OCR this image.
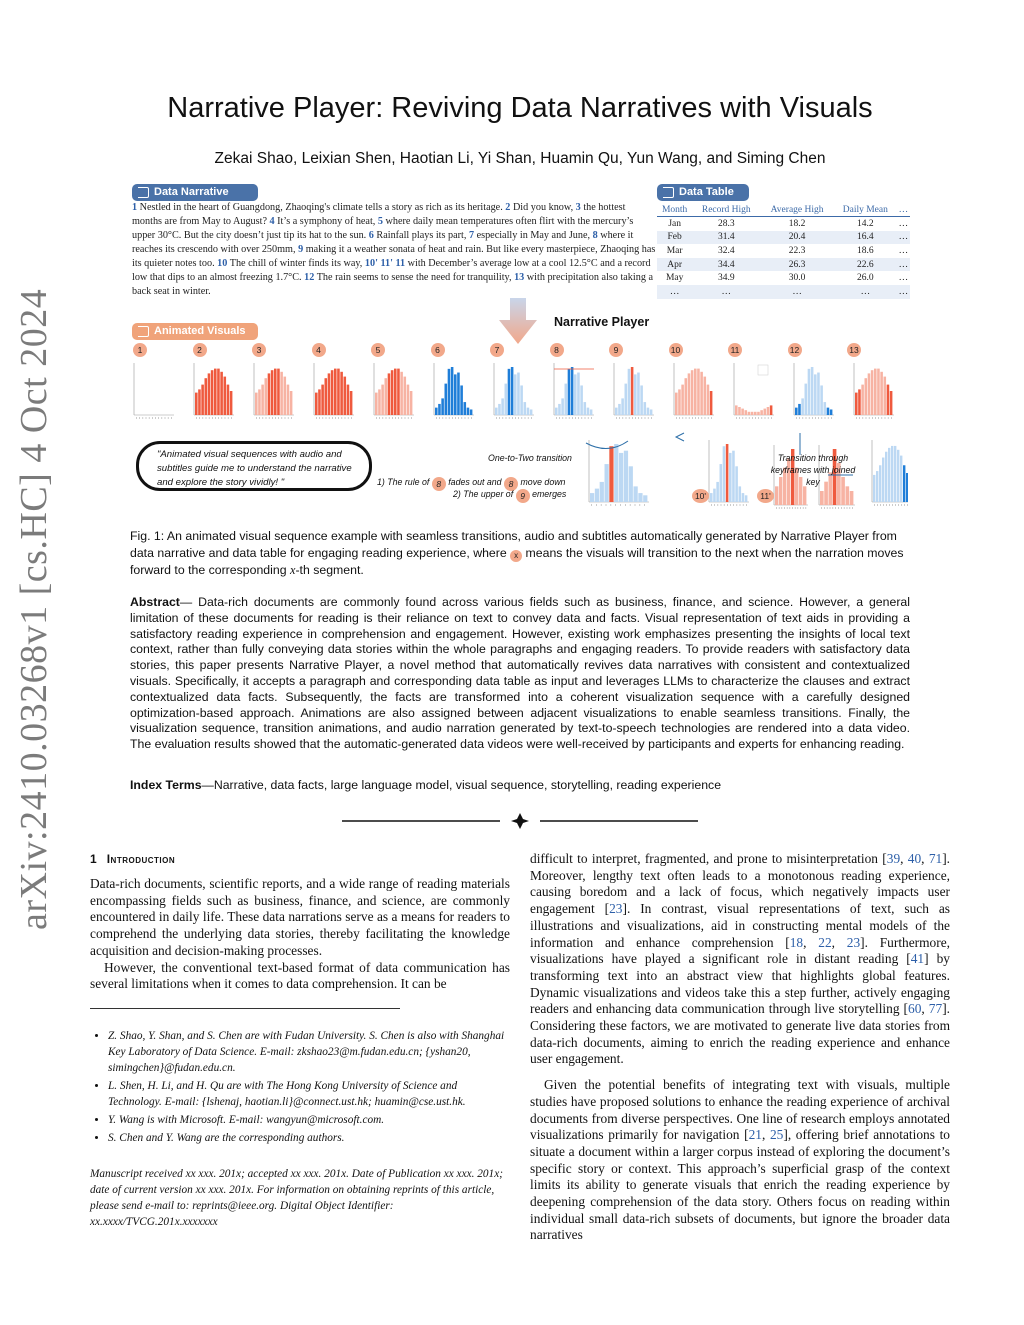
arXiv:2410.03268v1 [cs.HC] 4 Oct 2024
Narrative Player: Reviving Data Narratives with Visuals
Zekai Shao, Leixian Shen, Haotian Li, Yi Shan, Huamin Qu, Yun Wang, and Siming Chen
Data Narrative	Data Table
1 Nestled in the heart of Guangdong, Zhaoqing's climate tells a story as rich as its heritage. 2 Did you know, 3 the hottest months are from May to August? 4 It’s a symphony of heat, 5 where daily mean temperatures often flirt with the mercury’s upper 30°C. But the city doesn’t just tip its hat to the sun. 6 Rainfall plays its part, 7 especially in May and June, 8 where it reaches its crescendo with over 250mm, 9 making it a weather sonata of heat and rain. But like every masterpiece, Zhaoqing has its quieter notes too. 10 The chill of winter finds its way, 10' 11' 11 with December’s average low at a cool 12.5°C and a record low that dips to an almost freezing 1.7°C. 12 The rain seems to sense the need for tranquility, 13 with precipitation also taking a back seat in winter.
Month	Record High	Average High	Daily Mean	…
Jan	28.3	18.2	14.2	…
Feb	31.4	20.4	16.4	…
Mar	32.4	22.3	18.6	…
Apr	34.4	26.3	22.6	…
May	34.9	30.0	26.0	…
…	…	…	…	…
Narrative Player
Animated Visuals
1	2	3	4	5	6	7	8	9	10	11	12	13
"Animated visual sequences with audio and subtitles guide me to understand the narrative and explore the story vividly! "
One-to-Two transition
1) The rule of 8 fades out and 8 move down
2) The upper of 9 emerges
Transition through keyframes with joined key
10'	11'
Fig. 1: An animated visual sequence example with seamless transitions, audio and subtitles automatically generated by Narrative Player from data narrative and data table for engaging reading experience, where x means the visuals will transition to the next when the narration moves forward to the corresponding x-th segment.
Abstract— Data-rich documents are commonly found across various fields such as business, finance, and science. However, a general limitation of these documents for reading is their reliance on text to convey data and facts. Visual representation of text aids in providing a satisfactory reading experience in comprehension and engagement. However, existing work emphasizes presenting the insights of local text context, rather than fully conveying data stories within the whole paragraphs and engaging readers. To provide readers with satisfactory data stories, this paper presents Narrative Player, a novel method that automatically revives data narratives with consistent and contextualized visuals. Specifically, it accepts a paragraph and corresponding data table as input and leverages LLMs to characterize the clauses and extract contextualized data facts. Subsequently, the facts are transformed into a coherent visualization sequence with a carefully designed optimization-based approach. Animations are also assigned between adjacent visualizations to enable seamless transitions. Finally, the visualization sequence, transition animations, and audio narration generated by text-to-speech technologies are rendered into a data video. The evaluation results showed that the automatic-generated data videos were well-received by participants and experts for enhancing reading.
Index Terms—Narrative, data facts, large language model, visual sequence, storytelling, reading experience
1 Introduction

Data-rich documents, scientific reports, and a wide range of reading materials encompassing fields such as business, finance, and science, are commonly encountered in daily life. These data narrations serve as a means for readers to comprehend the underlying data stories, thereby facilitating the knowledge acquisition and decision-making processes.

However, the conventional text-based format of data communication has several limitations when it comes to data comprehension. It can be

• Z. Shao, Y. Shan, and S. Chen are with Fudan University. S. Chen is also with Shanghai Key Laboratory of Data Science. E-mail: zkshao23@m.fudan.edu.cn; {yshan20, simingchen}@fudan.edu.cn.
• L. Shen, H. Li, and H. Qu are with The Hong Kong University of Science and Technology. E-mail: {lshenaj, haotian.li}@connect.ust.hk; huamin@cse.ust.hk.
• Y. Wang is with Microsoft. E-mail: wangyun@microsoft.com.
• S. Chen and Y. Wang are the corresponding authors.
Manuscript received xx xxx. 201x; accepted xx xxx. 201x. Date of Publication xx xxx. 201x; date of current version xx xxx. 201x. For information on obtaining reprints of this article, please send e-mail to: reprints@ieee.org. Digital Object Identifier: xx.xxxx/TVCG.201x.xxxxxxx

difficult to interpret, fragmented, and prone to misinterpretation [39, 40, 71]. Moreover, lengthy text often leads to a monotonous reading experience, causing boredom and a lack of focus, which negatively impacts user engagement [23]. In contrast, visual representations of text, such as illustrations and visualizations, aid in constructing mental models of the information and enhance comprehension [18, 22, 23]. Furthermore, visualizations have played a significant role in distant reading [41] by transforming text into an abstract view that highlights global features. Dynamic visualizations and videos take this a step further, actively engaging readers and enhancing data communication through live storytelling [60, 77]. Considering these factors, we are motivated to generate live data stories from data-rich documents, aiming to enrich the reading experience and enhance user engagement.

Given the potential benefits of integrating text with visuals, multiple studies have proposed solutions to enhance the reading experience of archival documents from diverse perspectives. One line of research employs annotated visualizations primarily for navigation [21, 25], offering brief annotations to situate a document within a larger corpus instead of exploring the document’s specific story or context. This approach’s superficial grasp of the context limits its ability to generate visuals that enrich the reading experience by deepening comprehension of the data story. Others focus on reading within individual small data-rich subsets of documents, but ignore the broader data narratives
